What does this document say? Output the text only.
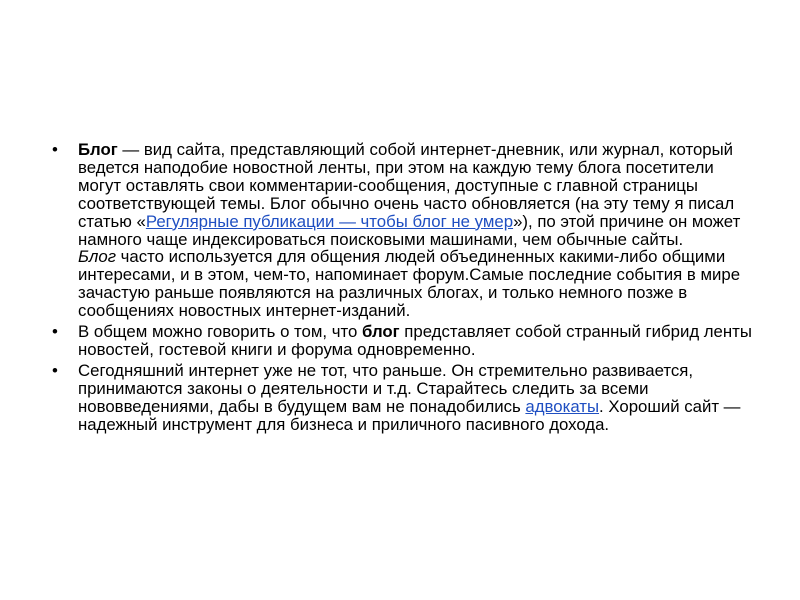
•	Блог — вид сайта, представляющий собой интернет-дневник, или журнал, который ведется наподобие новостной ленты, при этом на каждую тему блога посетители могут оставлять свои комментарии-сообщения, доступные с главной страницы соответствующей темы. Блог обычно очень часто обновляется (на эту тему я писал статью «Регулярные публикации — чтобы блог не умер»), по этой причине он может намного чаще индексироваться поисковыми машинами, чем обычные сайты.
Блог часто используется для общения людей объединенных какими-либо общими интересами, и в этом, чем-то, напоминает форум.Самые последние события в мире зачастую раньше появляются на различных блогах, и только немного позже в сообщениях новостных интернет-изданий.
•	В общем можно говорить о том, что блог представляет собой странный гибрид ленты новостей, гостевой книги и форума одновременно.
•	Сегодняшний интернет уже не тот, что раньше. Он стремительно развивается, принимаются законы о деятельности и т.д. Старайтесь следить за всеми нововведениями, дабы в будущем вам не понадобились адвокаты. Хороший сайт — надежный инструмент для бизнеса и приличного пасивного дохода.
